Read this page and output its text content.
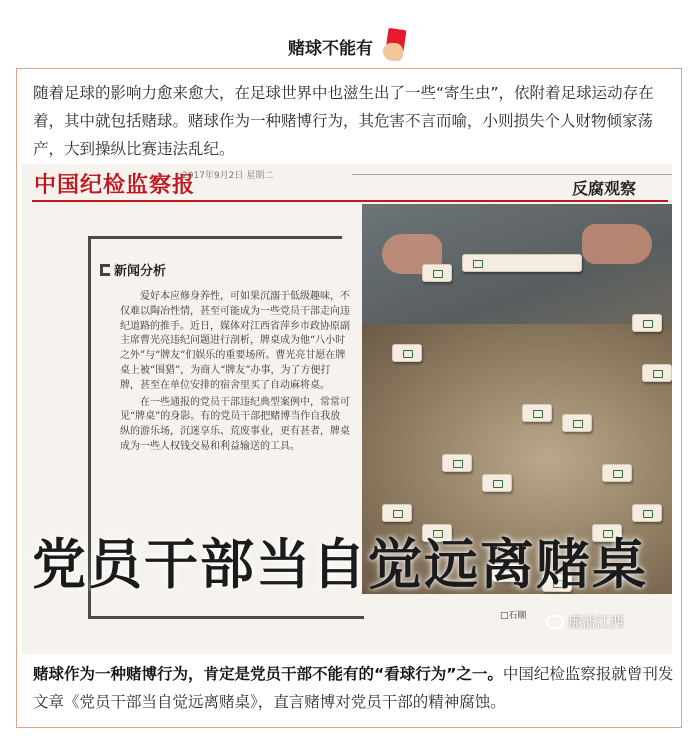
赌球不能有

随着足球的影响力愈来愈大，在足球世界中也滋生出了一些“寄生虫”，依附着足球运动存在着，其中就包括赌球。赌球作为一种赌博行为，其危害不言而喻，小则损失个人财物倾家荡产，大到操纵比赛违法乱纪。

赌球作为一种赌博行为，肯定是党员干部不能有的“看球行为”之一。中国纪检监察报就曾刊发文章《党员干部当自觉远离赌桌》，直言赌博对党员干部的精神腐蚀。

中国纪检监察报
2017年9月2日 星期二
反腐观察
新闻分析

爱好本应修身养性，可如果沉溺于低级趣味，不仅难以陶冶性情，甚至可能成为一些党员干部走向违纪道路的推手。近日，媒体对江西省萍乡市政协原副主席曹光亮违纪问题进行剖析，牌桌成为他“八小时之外”与“牌友”们娱乐的重要场所。曹光亮甘愿在牌桌上被“围猎”，为商人“牌友”办事，为了方便打牌，甚至在单位安排的宿舍里买了自动麻将桌。

在一些通报的党员干部违纪典型案例中，常常可见“牌桌”的身影。有的党员干部把赌博当作自我放纵的游乐场，沉迷享乐、荒废事业，更有甚者，牌桌成为一些人权钱交易和利益输送的工具。

党员干部当自觉远离赌桌
□石顺	廉洁江西
